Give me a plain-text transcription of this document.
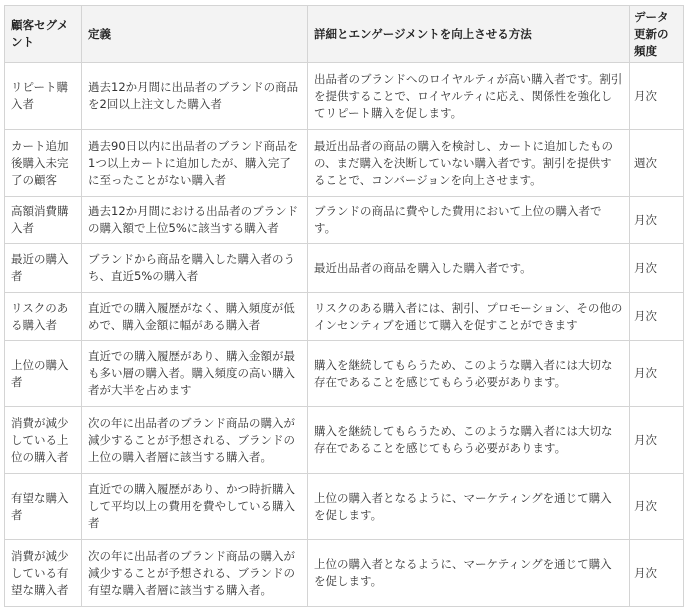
顧客セグメント	定義	詳細とエンゲージメントを向上させる方法	データ更新の頻度
リピート購入者	過去12か月間に出品者のブランドの商品を2回以上注文した購入者	出品者のブランドへのロイヤルティが高い購入者です。割引を提供することで、ロイヤルティに応え、関係性を強化してリピート購入を促します。	月次
カート追加後購入未完了の顧客	過去90日以内に出品者のブランド商品を1つ以上カートに追加したが、購入完了に至ったことがない購入者	最近出品者の商品の購入を検討し、カートに追加したものの、まだ購入を決断していない購入者です。割引を提供することで、コンバージョンを向上させます。	週次
高額消費購入者	過去12か月間における出品者のブランドの購入額で上位5%に該当する購入者	ブランドの商品に費やした費用において上位の購入者です。	月次
最近の購入者	ブランドから商品を購入した購入者のうち、直近5%の購入者	最近出品者の商品を購入した購入者です。	月次
リスクのある購入者	直近での購入履歴がなく、購入頻度が低めで、購入金額に幅がある購入者	リスクのある購入者には、割引、プロモーション、その他のインセンティブを通じて購入を促すことができます	月次
上位の購入者	直近での購入履歴があり、購入金額が最も多い層の購入者。購入頻度の高い購入者が大半を占めます	購入を継続してもらうため、このような購入者には大切な存在であることを感じてもらう必要があります。	月次
消費が減少している上位の購入者	次の年に出品者のブランド商品の購入が減少することが予想される、ブランドの上位の購入者層に該当する購入者。	購入を継続してもらうため、このような購入者には大切な存在であることを感じてもらう必要があります。	月次
有望な購入者	直近での購入履歴があり、かつ時折購入して平均以上の費用を費やしている購入者	上位の購入者となるように、マーケティングを通じて購入を促します。	月次
消費が減少している有望な購入者	次の年に出品者のブランド商品の購入が減少することが予想される、ブランドの有望な購入者層に該当する購入者。	上位の購入者となるように、マーケティングを通じて購入を促します。	月次
